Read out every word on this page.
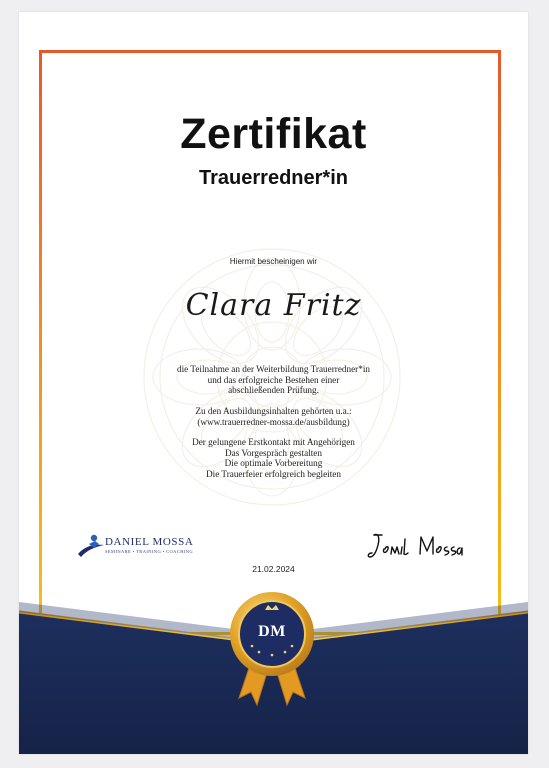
Zertifikat
Trauerredner*in
Hiermit bescheinigen wir
Clara Fritz
die Teilnahme an der Weiterbildung Trauerredner*in
und das erfolgreiche Bestehen einer
abschließenden Prüfung.
Zu den Ausbildungsinhalten gehörten u.a.:
(www.trauerredner-mossa.de/ausbildung)
Der gelungene Erstkontakt mit Angehörigen
Das Vorgespräch gestalten
Die optimale Vorbereitung
Die Trauerfeier erfolgreich begleiten
DANIEL MOSSA
SEMINARE • TRAINING • COACHING
21.02.2024
DM
